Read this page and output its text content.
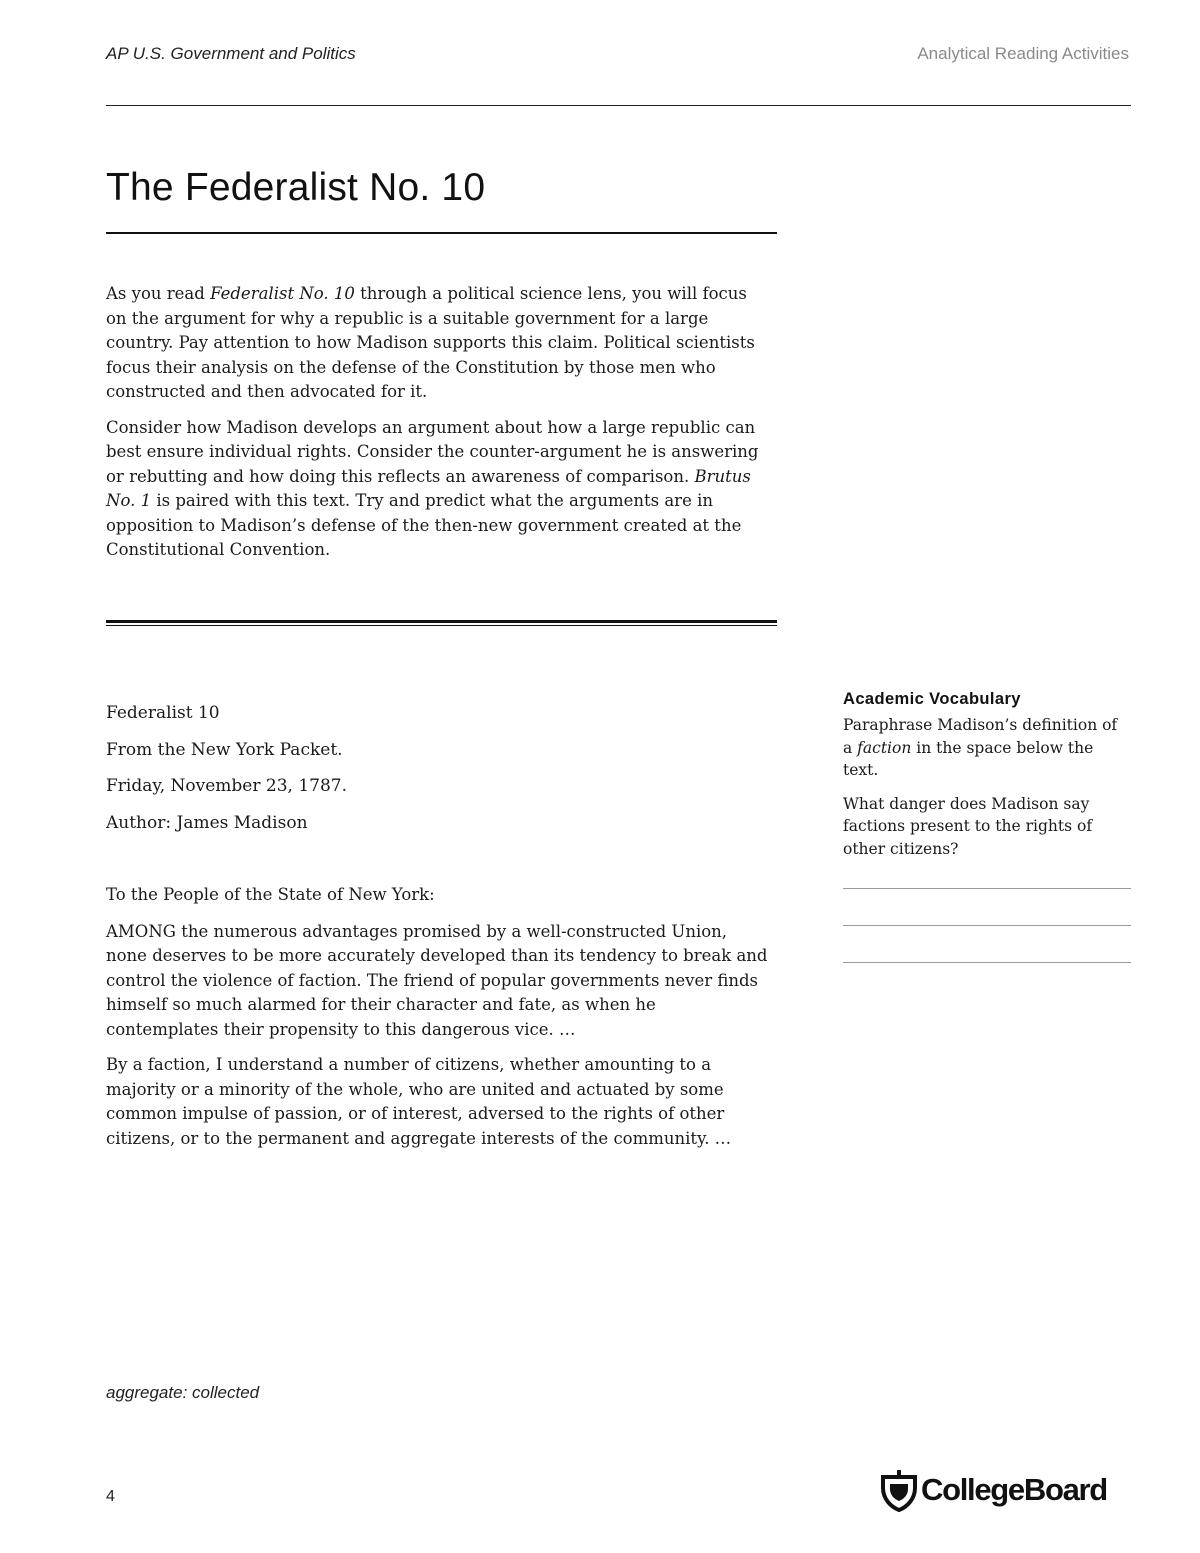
AP U.S. Government and Politics	Analytical Reading Activities
The Federalist No. 10

As you read Federalist No. 10 through a political science lens, you will focus on the argument for why a republic is a suitable government for a large country. Pay attention to how Madison supports this claim. Political scientists focus their analysis on the defense of the Constitution by those men who constructed and then advocated for it.

Consider how Madison develops an argument about how a large republic can best ensure individual rights. Consider the counter-argument he is answering or rebutting and how doing this reflects an awareness of comparison. Brutus No. 1 is paired with this text. Try and predict what the arguments are in opposition to Madison’s defense of the then-new government created at the Constitutional Convention.

Federalist 10
From the New York Packet.
Friday, November 23, 1787.
Author: James Madison

To the People of the State of New York:

AMONG the numerous advantages promised by a well-constructed Union, none deserves to be more accurately developed than its tendency to break and control the violence of faction. The friend of popular governments never finds himself so much alarmed for their character and fate, as when he contemplates their propensity to this dangerous vice. …

By a faction, I understand a number of citizens, whether amounting to a majority or a minority of the whole, who are united and actuated by some common impulse of passion, or of interest, adversed to the rights of other citizens, or to the permanent and aggregate interests of the community. …

Academic Vocabulary

Paraphrase Madison’s definition of a faction in the space below the text.

What danger does Madison say factions present to the rights of other citizens?

aggregate: collected
4	CollegeBoard
